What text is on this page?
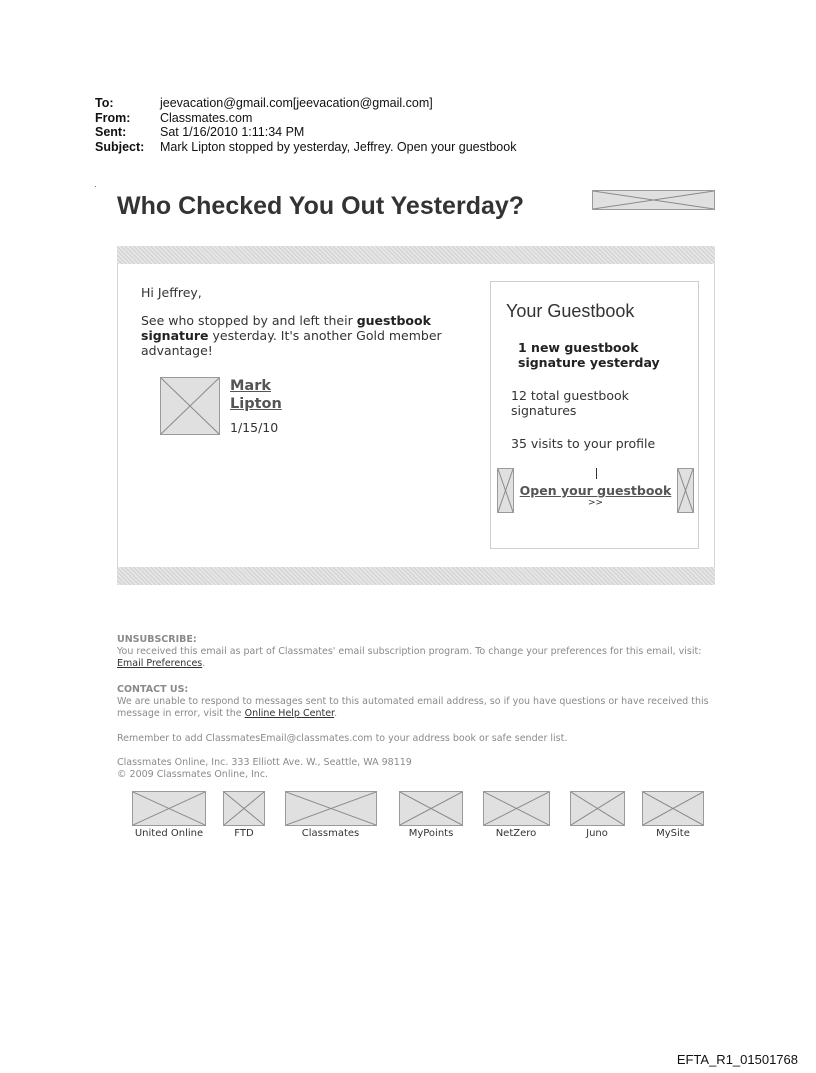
To:	jeevacation@gmail.com[jeevacation@gmail.com]
From:	Classmates.com
Sent:	Sat 1/16/2010 1:11:34 PM
Subject:	Mark Lipton stopped by yesterday, Jeffrey. Open your guestbook
Who Checked You Out Yesterday?
Hi Jeffrey,
See who stopped by and left their guestbook signature yesterday. It's another Gold member advantage!
Mark Lipton
1/15/10
Your Guestbook
1 new guestbook signature yesterday
12 total guestbook signatures
35 visits to your profile
Open your guestbook
>>
UNSUBSCRIBE:
You received this email as part of Classmates' email subscription program. To change your preferences for this email, visit: Email Preferences.
CONTACT US:
We are unable to respond to messages sent to this automated email address, so if you have questions or have received this message in error, visit the Online Help Center.
Remember to add ClassmatesEmail@classmates.com to your address book or safe sender list.
Classmates Online, Inc. 333 Elliott Ave. W., Seattle, WA 98119
© 2009 Classmates Online, Inc.
United Online	FTD	Classmates	MyPoints	NetZero	Juno	MySite
EFTA_R1_01501768
